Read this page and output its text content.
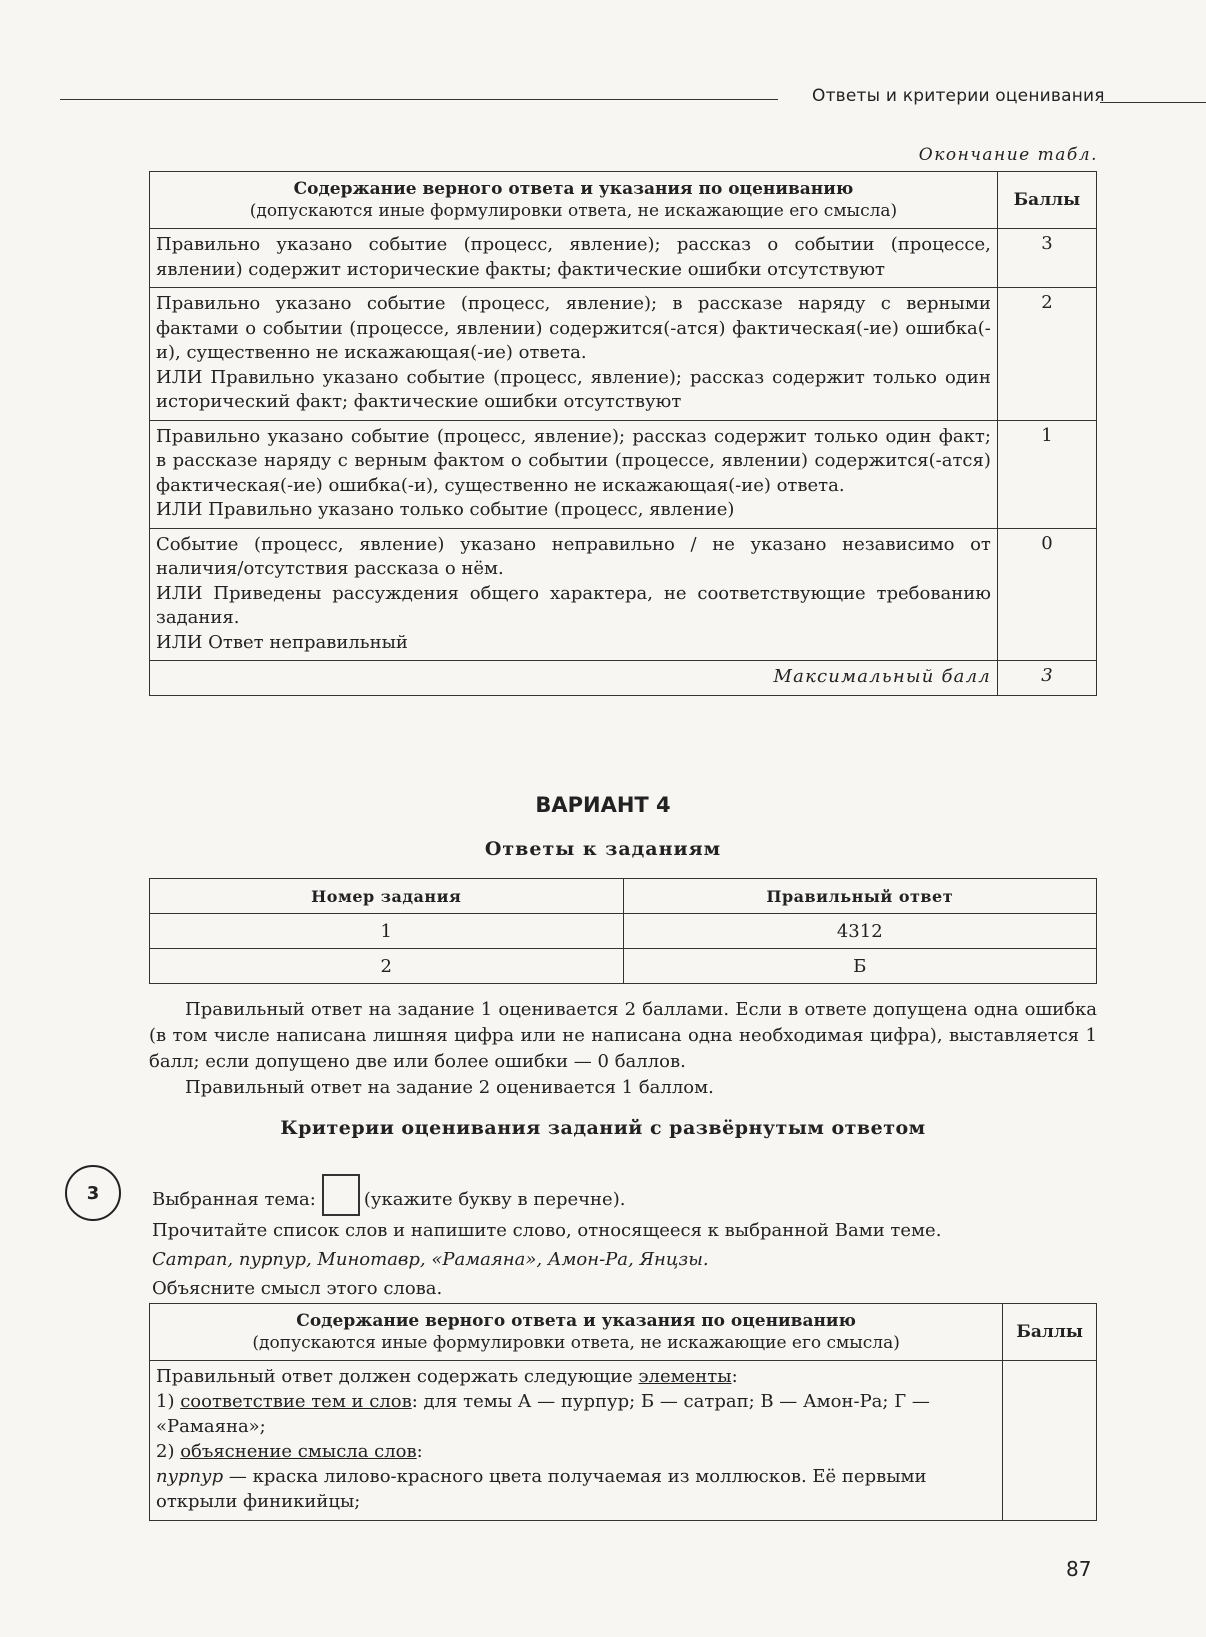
Ответы и критерии оценивания
Окончание табл.
Содержание верного ответа и указания по оцениванию
(допускаются иные формулировки ответа, не искажающие его смысла)	Баллы

Правильно указано событие (процесс, явление); рассказ о событии (процессе, явлении) содержит исторические факты; фактические ошибки отсутствуют	3

Правильно указано событие (процесс, явление); в рассказе наряду с верными фактами о событии (процессе, явлении) содержится(-атся) фактическая(-ие) ошибка(-и), существенно не искажающая(-ие) ответа.

ИЛИ Правильно указано событие (процесс, явление); рассказ содержит только один исторический факт; фактические ошибки отсутствуют	2

Правильно указано событие (процесс, явление); рассказ содержит только один факт; в рассказе наряду с верным фактом о событии (процессе, явлении) содержится(-атся) фактическая(-ие) ошибка(-и), существенно не искажающая(-ие) ответа.

ИЛИ Правильно указано только событие (процесс, явление)	1

Событие (процесс, явление) указано неправильно / не указано независимо от наличия/отсутствия рассказа о нём.

ИЛИ Приведены рассуждения общего характера, не соответствующие требованию задания.

ИЛИ Ответ неправильный	0
Максимальный балл	3
ВАРИАНТ 4
Ответы к заданиям
Номер задания	Правильный ответ
1	4312
2	Б

Правильный ответ на задание 1 оценивается 2 баллами. Если в ответе допущена одна ошибка (в том числе написана лишняя цифра или не написана одна необходимая цифра), выставляется 1 балл; если допущено две или более ошибки — 0 баллов.

Правильный ответ на задание 2 оценивается 1 баллом.

Критерии оценивания заданий с развёрнутым ответом
3	Выбранная тема:	(укажите букву в перечне).
Прочитайте список слов и напишите слово, относящееся к выбранной Вами теме.
Сатрап, пурпур, Минотавр, «Рамаяна», Амон-Ра, Янцзы.
Объясните смысл этого слова.
Содержание верного ответа и указания по оцениванию
(допускаются иные формулировки ответа, не искажающие его смысла)	Баллы

Правильный ответ должен содержать следующие элементы:
1) соответствие тем и слов: для темы А — пурпур; Б — сатрап; В — Амон-Ра; Г — «Рамаяна»;
2) объяснение смысла слов:
пурпур — краска лилово-красного цвета получаемая из моллюсков. Её первыми открыли финикийцы;	

87
